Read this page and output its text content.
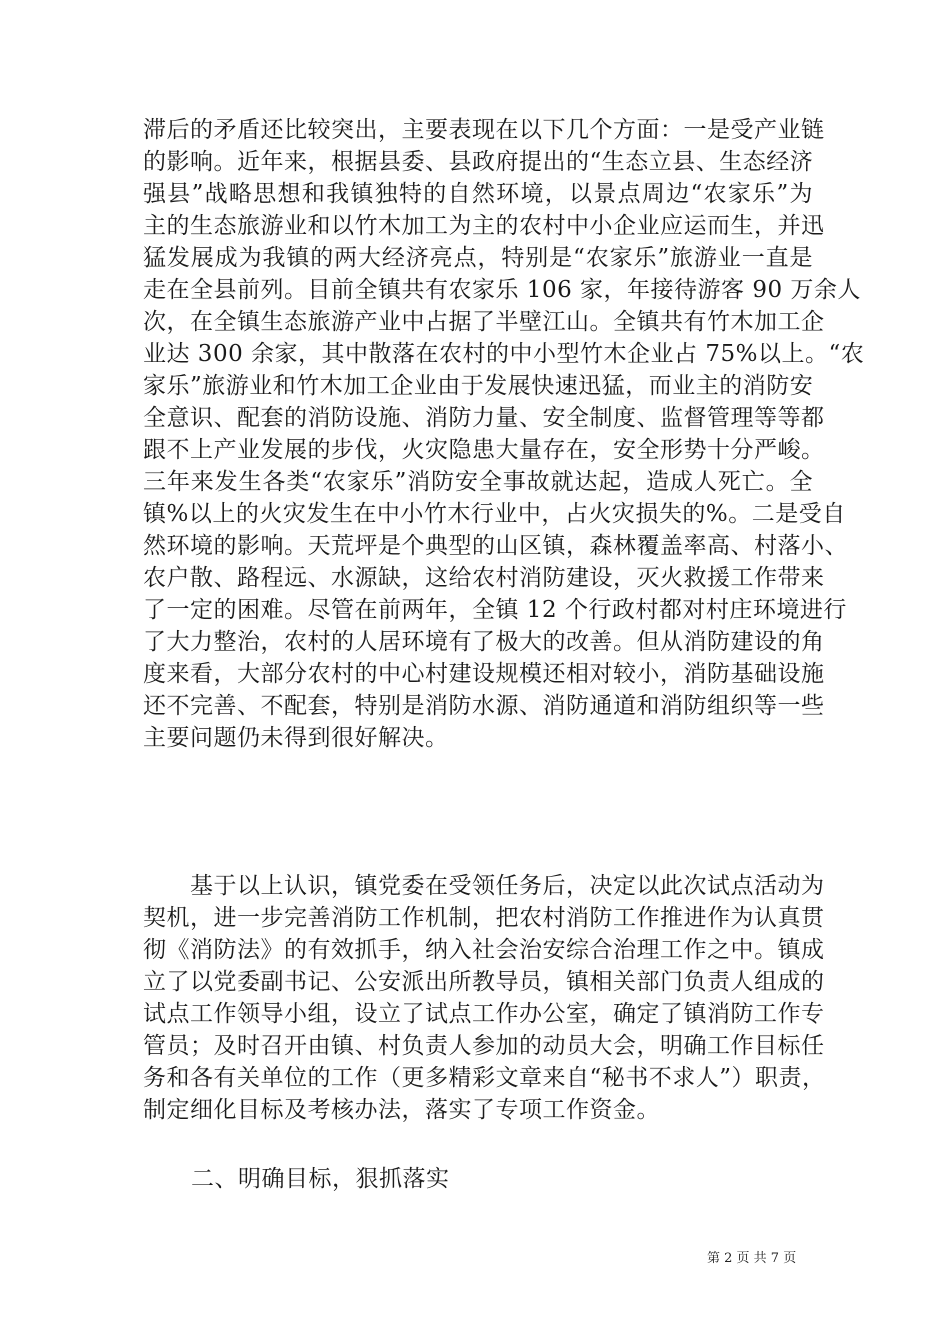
滞后的矛盾还比较突出，主要表现在以下几个方面：一是受产业链
的影响。近年来，根据县委、县政府提出的“生态立县、生态经济
强县”战略思想和我镇独特的自然环境，以景点周边“农家乐”为
主的生态旅游业和以竹木加工为主的农村中小企业应运而生，并迅
猛发展成为我镇的两大经济亮点，特别是“农家乐”旅游业一直是
走在全县前列。目前全镇共有农家乐 106 家，年接待游客 90 万余人
次，在全镇生态旅游产业中占据了半壁江山。全镇共有竹木加工企
业达 300 余家，其中散落在农村的中小型竹木企业占 75%以上。“农
家乐”旅游业和竹木加工企业由于发展快速迅猛，而业主的消防安
全意识、配套的消防设施、消防力量、安全制度、监督管理等等都
跟不上产业发展的步伐，火灾隐患大量存在，安全形势十分严峻。
三年来发生各类“农家乐”消防安全事故就达起，造成人死亡。全
镇%以上的火灾发生在中小竹木行业中，占火灾损失的%。二是受自
然环境的影响。天荒坪是个典型的山区镇，森林覆盖率高、村落小、
农户散、路程远、水源缺，这给农村消防建设，灭火救援工作带来
了一定的困难。尽管在前两年，全镇 12 个行政村都对村庄环境进行
了大力整治，农村的人居环境有了极大的改善。但从消防建设的角
度来看，大部分农村的中心村建设规模还相对较小，消防基础设施
还不完善、不配套，特别是消防水源、消防通道和消防组织等一些
主要问题仍未得到很好解决。
　　基于以上认识，镇党委在受领任务后，决定以此次试点活动为
契机，进一步完善消防工作机制，把农村消防工作推进作为认真贯
彻《消防法》的有效抓手，纳入社会治安综合治理工作之中。镇成
立了以党委副书记、公安派出所教导员，镇相关部门负责人组成的
试点工作领导小组，设立了试点工作办公室，确定了镇消防工作专
管员；及时召开由镇、村负责人参加的动员大会，明确工作目标任
务和各有关单位的工作（更多精彩文章来自“秘书不求人”）职责，
制定细化目标及考核办法，落实了专项工作资金。
二、明确目标，狠抓落实
第 2 页 共 7 页
